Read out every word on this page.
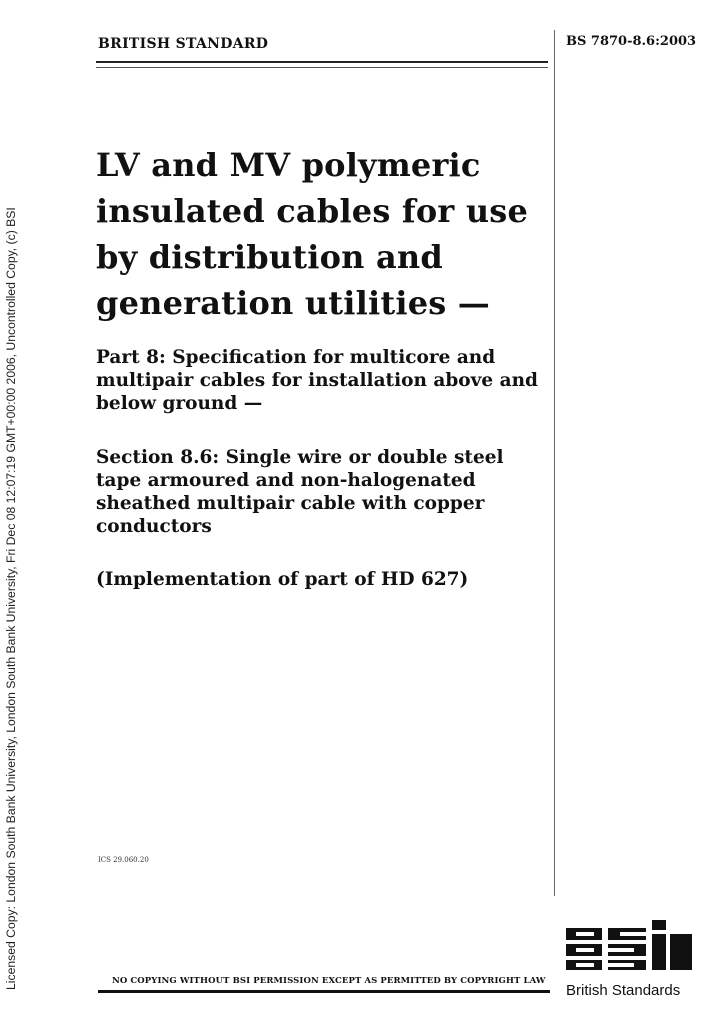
Licensed Copy: London South Bank University, London South Bank University, Fri Dec 08 12:07:19 GMT+00:00 2006, Uncontrolled Copy, (c) BSI
BRITISH STANDARD	BS 7870-8.6:2003
LV and MV polymeric insulated cables for use by distribution and generation utilities —

Part 8: Specification for multicore and multipair cables for installation above and below ground —

Section 8.6: Single wire or double steel tape armoured and non-halogenated sheathed multipair cable with copper conductors

(Implementation of part of HD 627)

ICS 29.060.20
NO COPYING WITHOUT BSI PERMISSION EXCEPT AS PERMITTED BY COPYRIGHT LAW
British Standards
